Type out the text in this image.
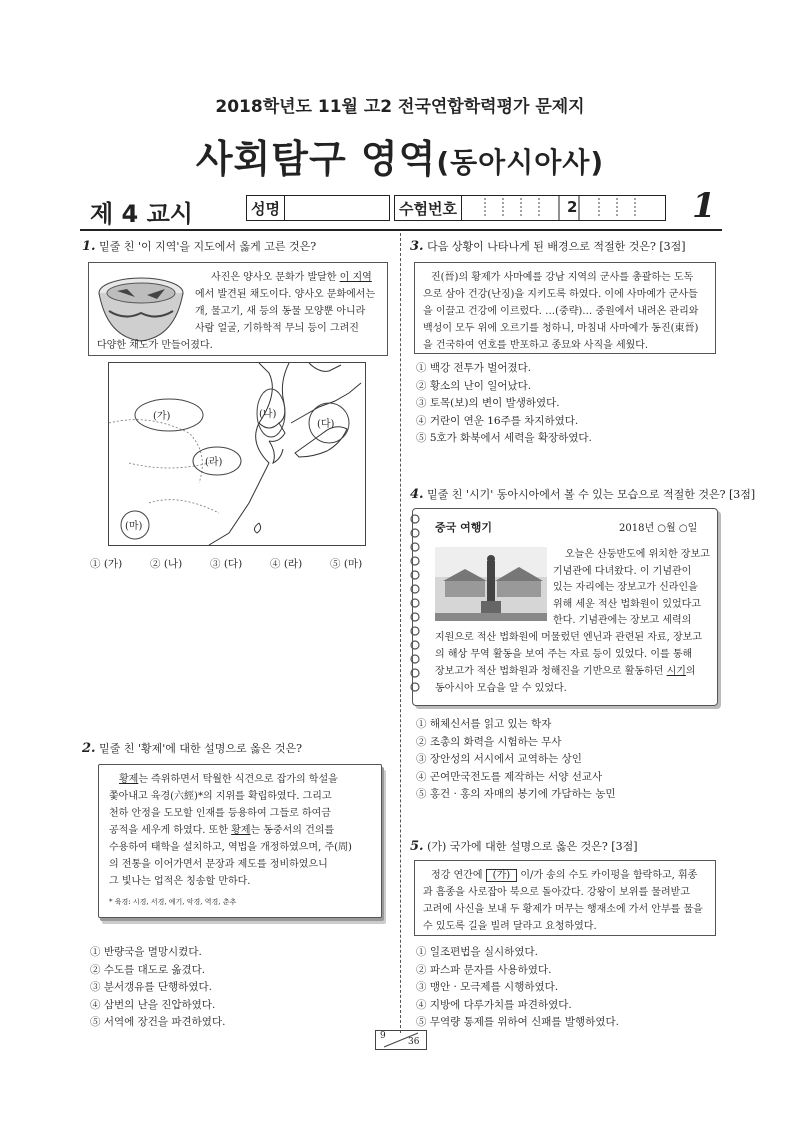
2018학년도 11월 고2 전국연합학력평가 문제지
사회탐구 영역(동아시아사)
제 4 교시	성명	수험번호	2	1
1. 밑줄 친 '이 지역'을 지도에서 옳게 고른 것은?
사진은 양사오 문화가 발달한 이 지역
에서 발견된 채도이다. 양사오 문화에서는
개, 물고기, 새 등의 동물 모양뿐 아니라
사람 얼굴, 기하학적 무늬 등이 그려진
다양한 채도가 만들어졌다.
(가)	(나)
(다)
(라)
(마)
① (가)	② (나)	③ (다)	④ (라)	⑤ (마)
2. 밑줄 친 '황제'에 대한 설명으로 옳은 것은?
황제는 즉위하면서 탁월한 식견으로 잡가의 학설을
쫓아내고 육경(六經)*의 지위를 확립하였다. 그리고
천하 안정을 도모할 인재를 등용하여 그들로 하여금
공적을 세우게 하였다. 또한 황제는 동중서의 건의를
수용하여 태학을 설치하고, 역법을 개정하였으며, 주(周)
의 전통을 이어가면서 문장과 제도를 정비하였으니
그 빛나는 업적은 칭송할 만하다.
* 육경: 시경, 서경, 예기, 악경, 역경, 춘추
① 반량국을 멸망시켰다.
② 수도를 대도로 옮겼다.
③ 분서갱유를 단행하였다.
④ 삼번의 난을 진압하였다.
⑤ 서역에 장건을 파견하였다.
3. 다음 상황이 나타나게 된 배경으로 적절한 것은? [3점]
진(晉)의 황제가 사마예를 강남 지역의 군사를 총괄하는 도독
으로 삼아 건강(난징)을 지키도록 하였다. 이에 사마예가 군사들
을 이끌고 건강에 이르렀다. …(중략)… 중원에서 내려온 관리와
백성이 모두 위에 오르기를 청하니, 마침내 사마예가 동진(東晉)
을 건국하여 연호를 반포하고 종묘와 사직을 세웠다.
① 백강 전투가 벌어졌다.
② 황소의 난이 일어났다.
③ 토목(보)의 변이 발생하였다.
④ 거란이 연운 16주를 차지하였다.
⑤ 5호가 화북에서 세력을 확장하였다.
4. 밑줄 친 '시기' 동아시아에서 볼 수 있는 모습으로 적절한 것은? [3점]
중국 여행기	2018년 ○월 ○일
오늘은 산둥반도에 위치한 장보고
기념관에 다녀왔다. 이 기념관이
있는 자리에는 장보고가 신라인을
위해 세운 적산 법화원이 있었다고
한다. 기념관에는 장보고 세력의
지원으로 적산 법화원에 머물렀던 엔닌과 관련된 자료, 장보고
의 해상 무역 활동을 보여 주는 자료 등이 있었다. 이를 통해
장보고가 적산 법화원과 청해진을 기반으로 활동하던 시기의
동아시아 모습을 알 수 있었다.
① 해체신서를 읽고 있는 학자
② 조총의 화력을 시험하는 무사
③ 장안성의 서시에서 교역하는 상인
④ 곤여만국전도를 제작하는 서양 선교사
⑤ 홍건 · 홍의 자매의 봉기에 가담하는 농민
5. (가) 국가에 대한 설명으로 옳은 것은? [3점]
정강 연간에 (가) 이/가 송의 수도 카이펑을 함락하고, 휘종
과 흠종을 사로잡아 북으로 돌아갔다. 강왕이 보위를 물려받고
고려에 사신을 보내 두 황제가 머무는 행재소에 가서 안부를 물을
수 있도록 길을 빌려 달라고 요청하였다.
① 일조편법을 실시하였다.
② 파스파 문자를 사용하였다.
③ 맹안 · 모극제를 시행하였다.
④ 지방에 다루가치를 파견하였다.
⑤ 무역량 통제를 위하여 신패를 발행하였다.
9
36
